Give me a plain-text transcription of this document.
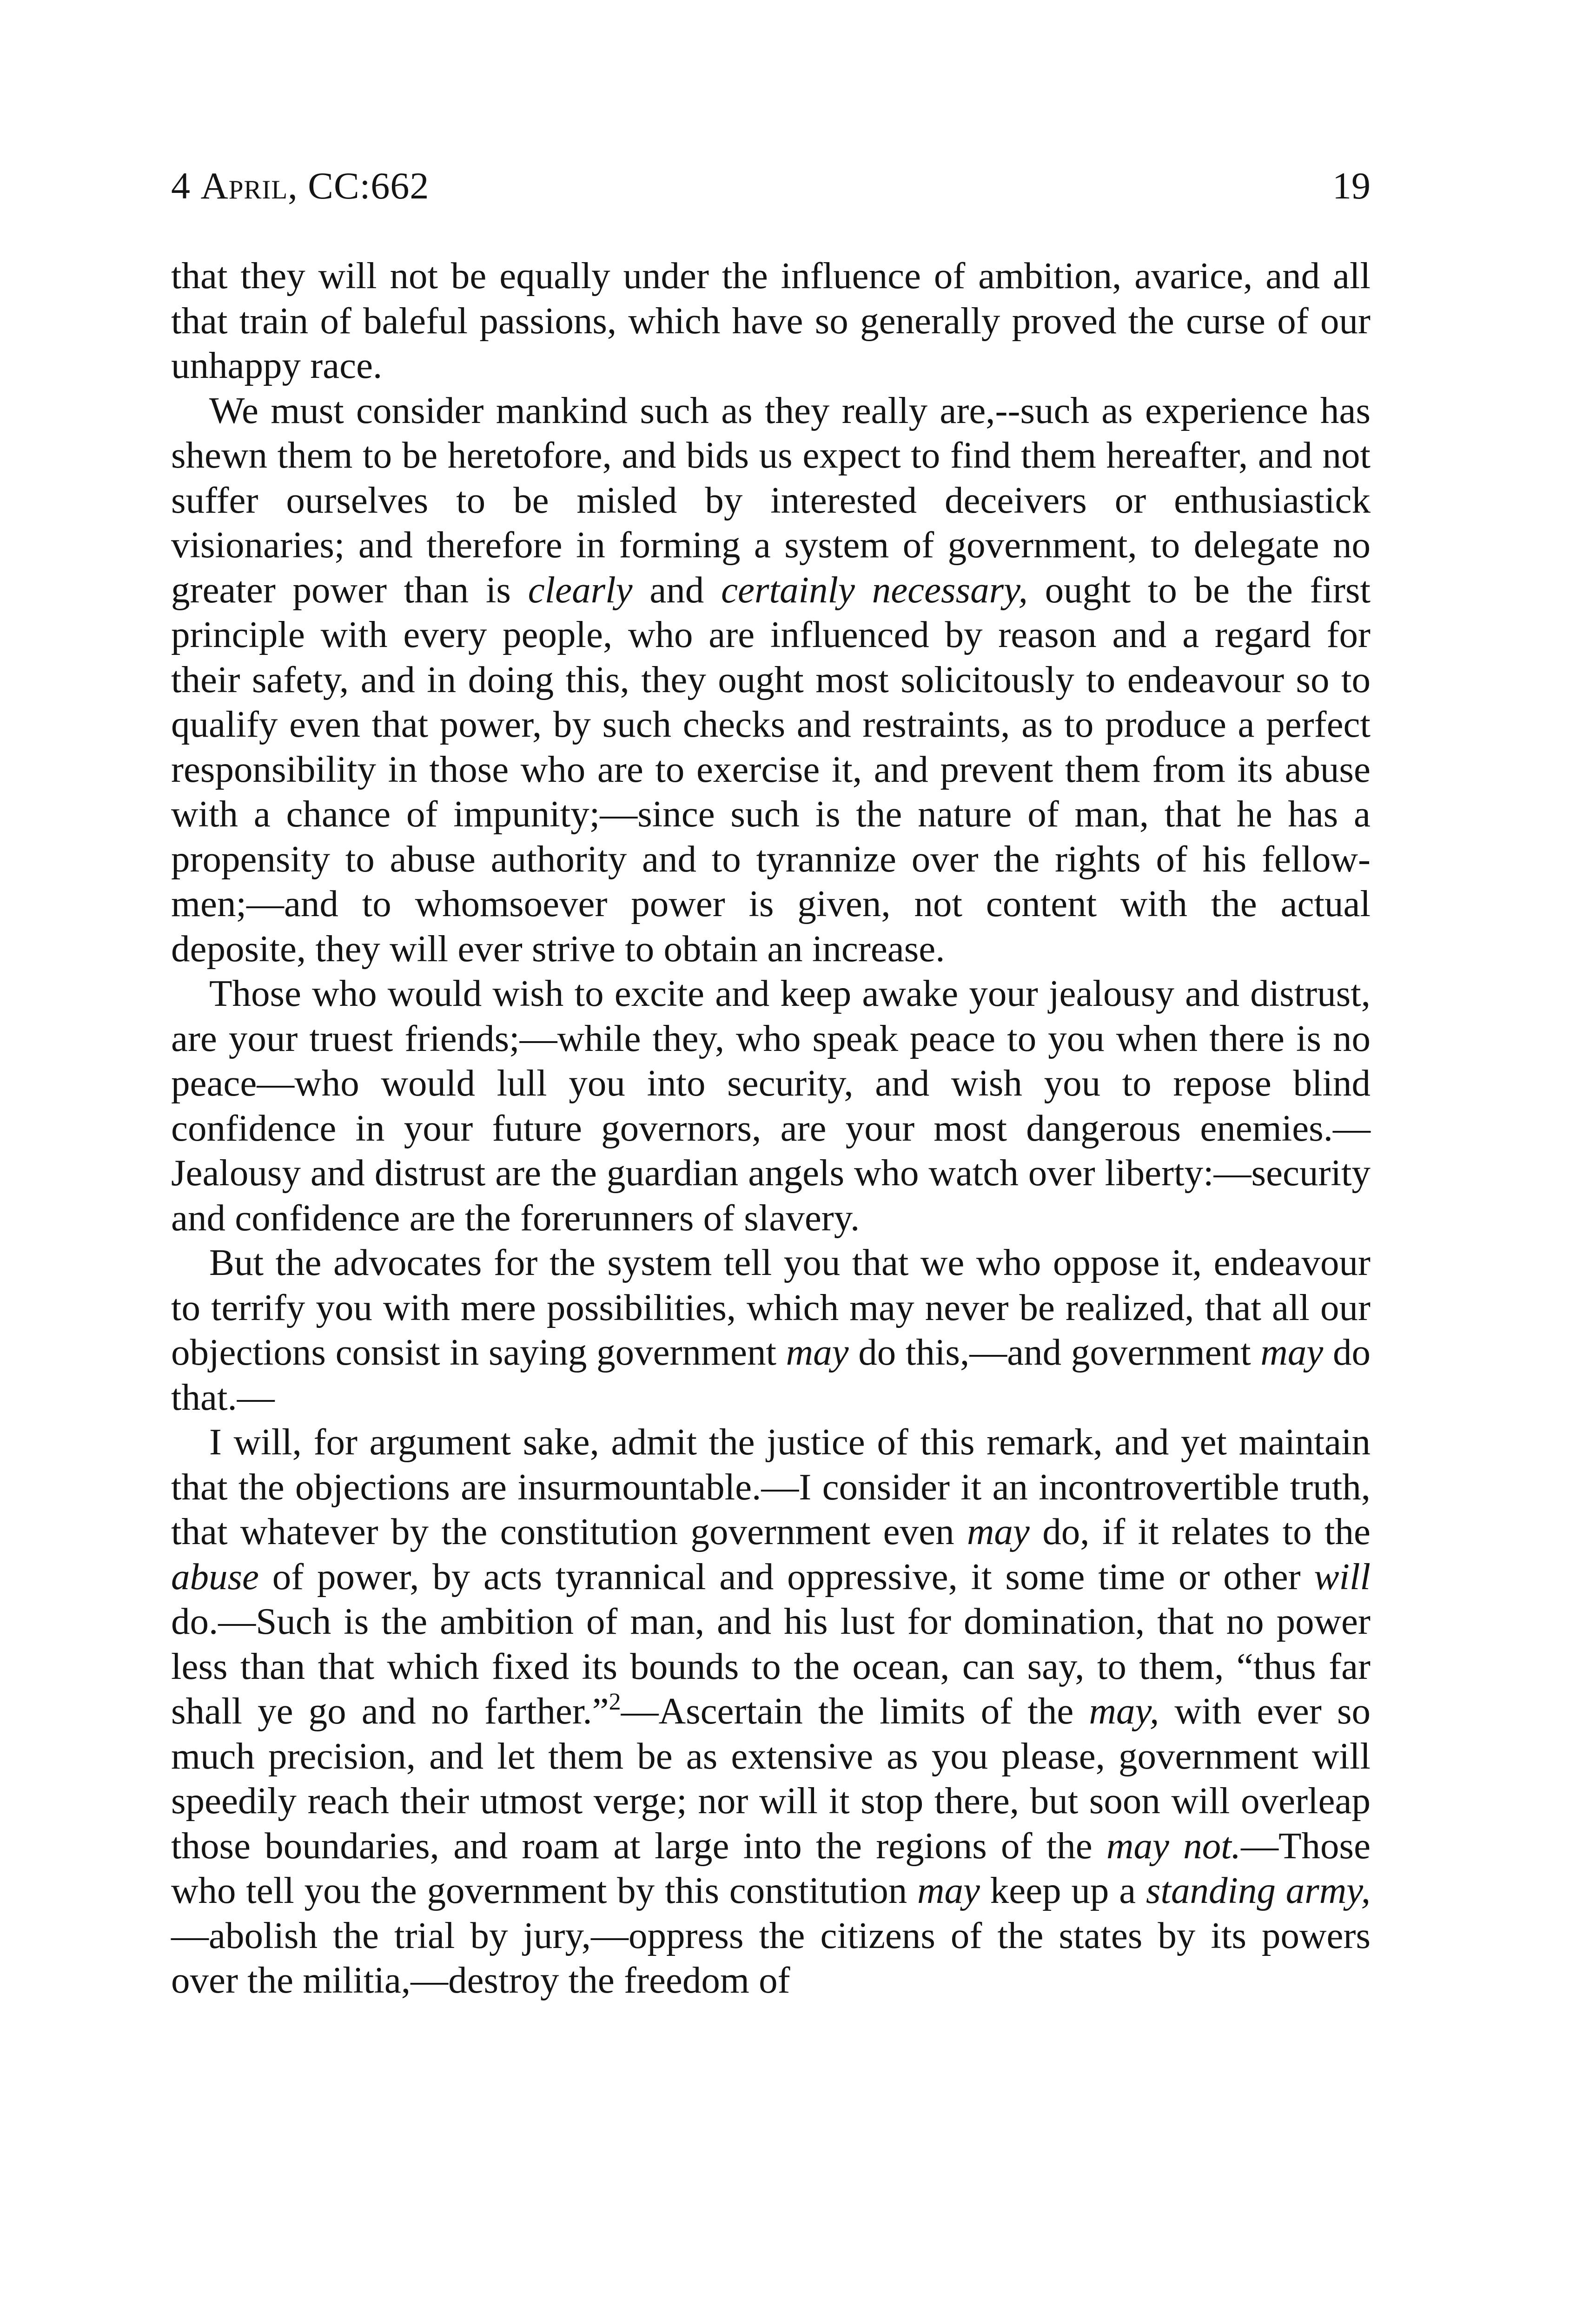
4 April, CC:662	19

that they will not be equally under the influence of ambition, avarice, and all that train of baleful passions, which have so generally proved the curse of our unhappy race.

We must consider mankind such as they really are,--such as experience has shewn them to be heretofore, and bids us expect to find them hereafter, and not suffer ourselves to be misled by interested deceivers or enthusiastick visionaries; and therefore in forming a system of government, to delegate no greater power than is clearly and certainly necessary, ought to be the first principle with every people, who are influenced by reason and a regard for their safety, and in doing this, they ought most solicitously to endeavour so to qualify even that power, by such checks and restraints, as to produce a perfect responsibility in those who are to exercise it, and prevent them from its abuse with a chance of impunity;—since such is the nature of man, that he has a propensity to abuse authority and to tyrannize over the rights of his fellow-men;—and to whomsoever power is given, not content with the actual deposite, they will ever strive to obtain an increase.

Those who would wish to excite and keep awake your jealousy and distrust, are your truest friends;—while they, who speak peace to you when there is no peace—who would lull you into security, and wish you to repose blind confidence in your future governors, are your most dangerous enemies.—Jealousy and distrust are the guardian angels who watch over liberty:—security and confidence are the forerunners of slavery.

But the advocates for the system tell you that we who oppose it, endeavour to terrify you with mere possibilities, which may never be realized, that all our objections consist in saying government may do this,—and government may do that.—

I will, for argument sake, admit the justice of this remark, and yet maintain that the objections are insurmountable.—I consider it an incontrovertible truth, that whatever by the constitution government even may do, if it relates to the abuse of power, by acts tyrannical and oppressive, it some time or other will do.—Such is the ambition of man, and his lust for domination, that no power less than that which fixed its bounds to the ocean, can say, to them, “thus far shall ye go and no farther.”$^2$—Ascertain the limits of the may, with ever so much precision, and let them be as extensive as you please, government will speedily reach their utmost verge; nor will it stop there, but soon will overleap those boundaries, and roam at large into the regions of the may not.—Those who tell you the government by this constitution may keep up a standing army,—abolish the trial by jury,—oppress the citizens of the states by its powers over the militia,—destroy the freedom of
